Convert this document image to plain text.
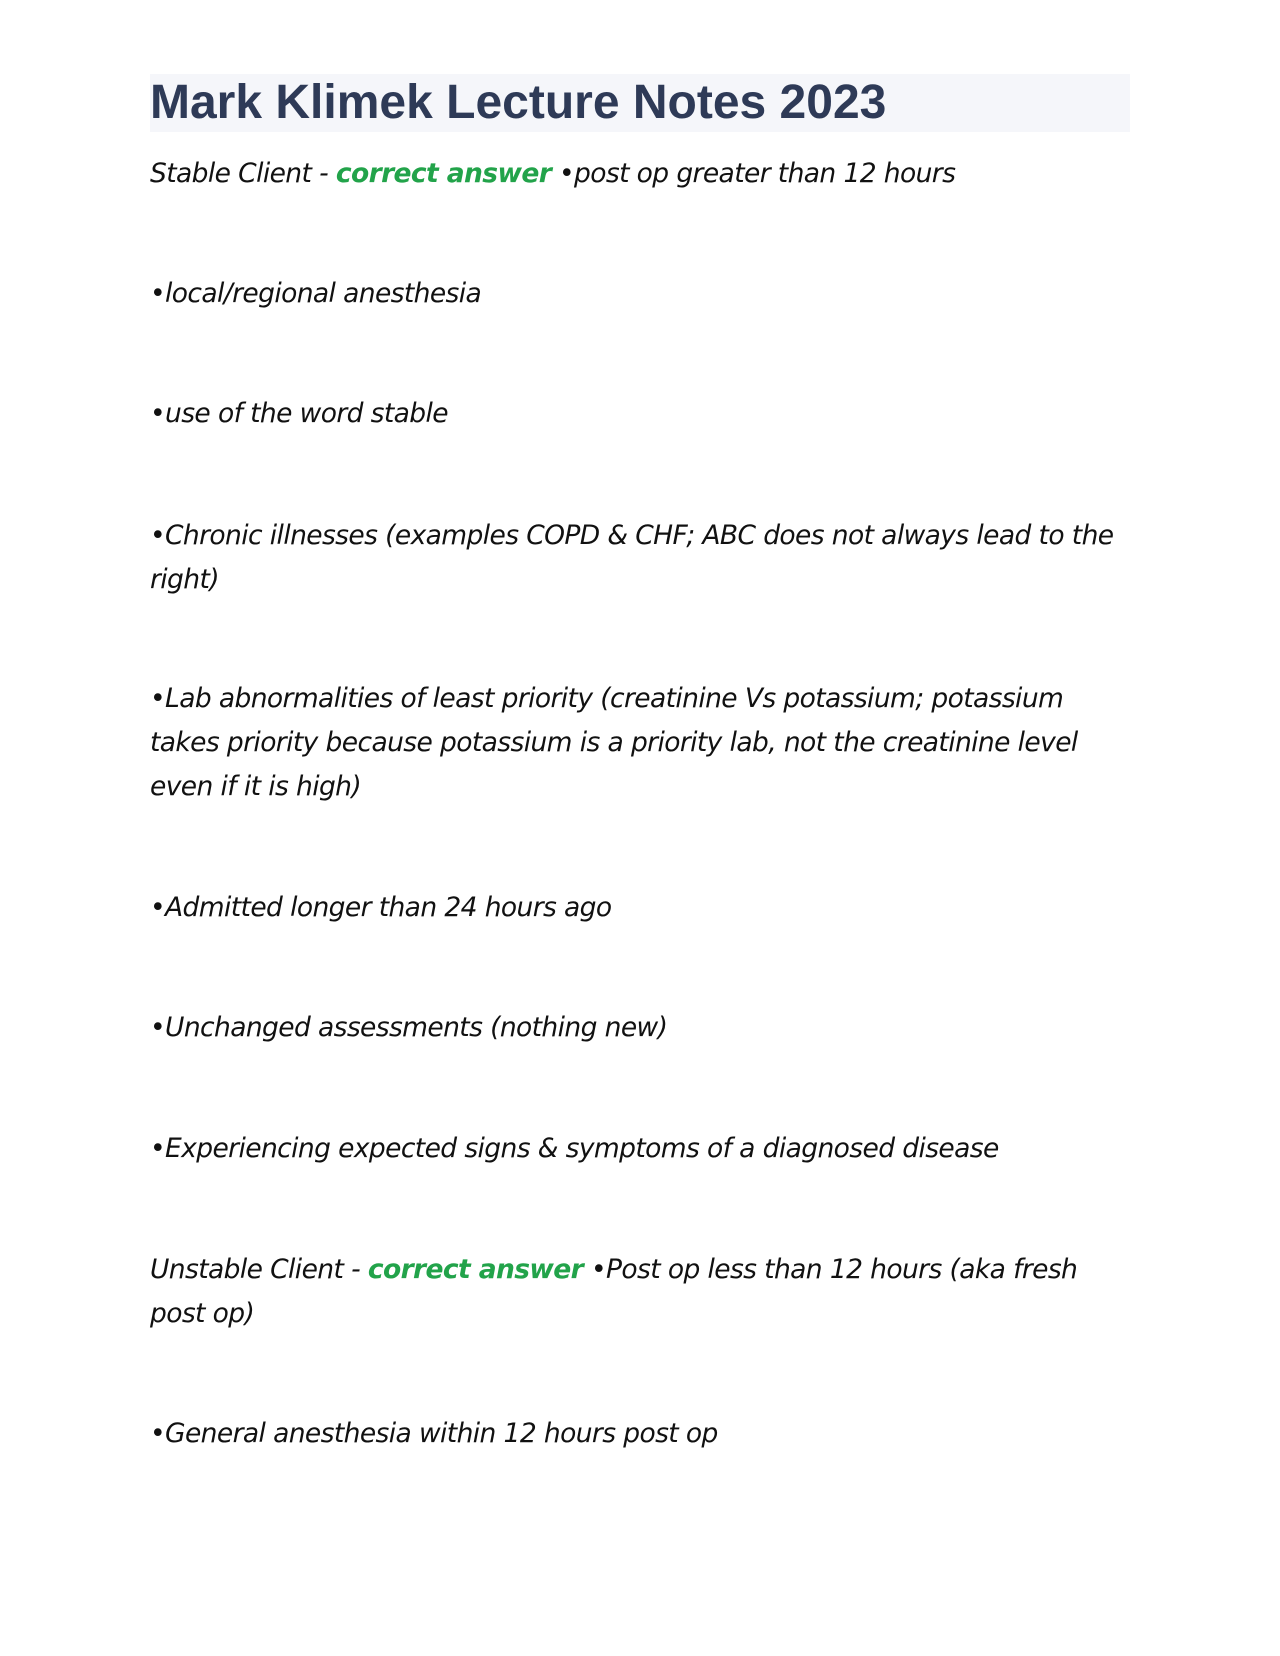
Mark Klimek Lecture Notes 2023

Stable Client - correct answer •post op greater than 12 hours

•local/regional anesthesia

•use of the word stable

•Chronic illnesses (examples COPD & CHF; ABC does not always lead to the right)

•Lab abnormalities of least priority (creatinine Vs potassium; potassium takes priority because potassium is a priority lab, not the creatinine level even if it is high)

•Admitted longer than 24 hours ago

•Unchanged assessments (nothing new)

•Experiencing expected signs & symptoms of a diagnosed disease

Unstable Client - correct answer •Post op less than 12 hours (aka fresh post op)

•General anesthesia within 12 hours post op
